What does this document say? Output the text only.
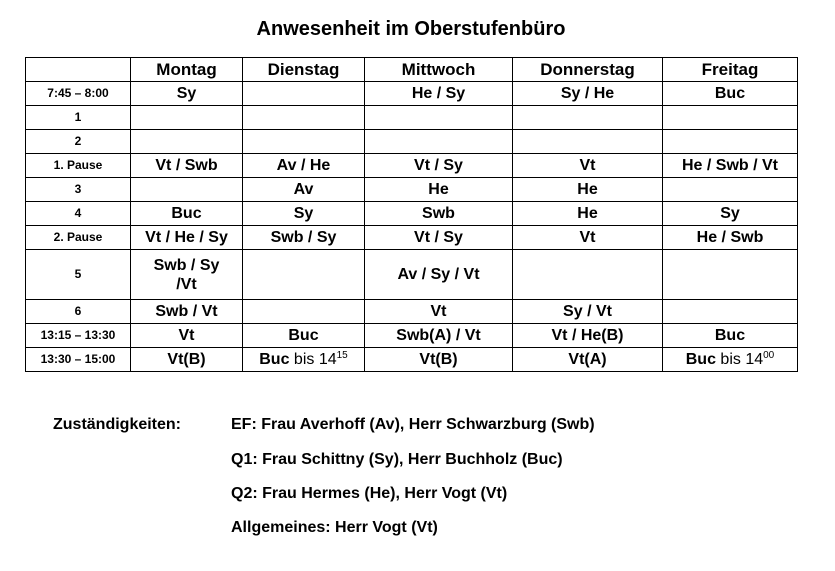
Anwesenheit im Oberstufenbüro
	Montag	Dienstag	Mittwoch	Donnerstag	Freitag
7:45 – 8:00	Sy		He / Sy	Sy / He	Buc
1					
2					
1. Pause	Vt / Swb	Av / He	Vt / Sy	Vt	He / Swb / Vt
3		Av	He	He	
4	Buc	Sy	Swb	He	Sy
2. Pause	Vt / He / Sy	Swb / Sy	Vt / Sy	Vt	He / Swb
5	Swb / Sy /Vt		Av / Sy / Vt		
6	Swb / Vt		Vt	Sy / Vt	
13:15 – 13:30	Vt	Buc	Swb(A) / Vt	Vt / He(B)	Buc
13:30 – 15:00	Vt(B)	Buc bis $14^{15}$	Vt(B)	Vt(A)	Buc bis $14^{00}$
Zuständigkeiten:	EF: Frau Averhoff (Av), Herr Schwarzburg (Swb)
Q1: Frau Schittny (Sy), Herr Buchholz (Buc)
Q2: Frau Hermes (He), Herr Vogt (Vt)
Allgemeines: Herr Vogt (Vt)
